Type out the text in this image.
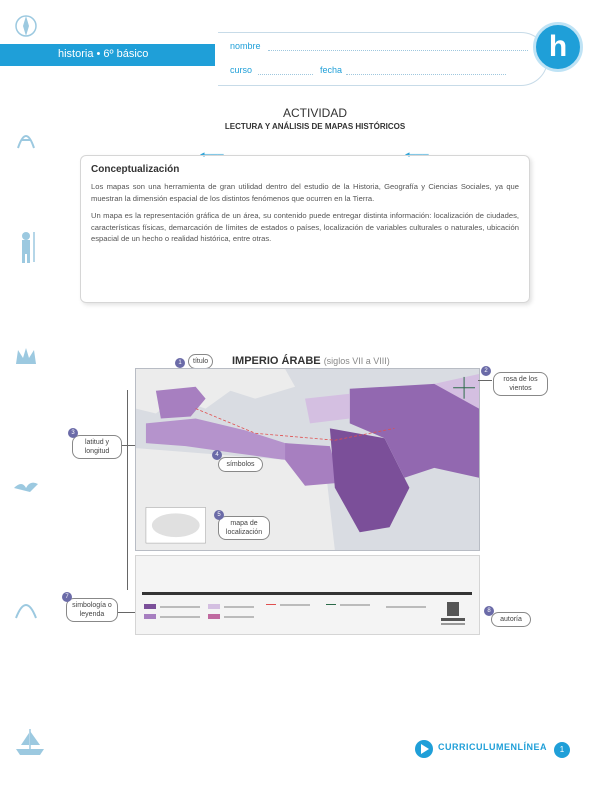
historia • 6º básico
nombre
curso	fecha
h
ACTIVIDAD
LECTURA Y ANÁLISIS DE MAPAS HISTÓRICOS
◂───	◂───
Conceptualización

Los mapas son una herramienta de gran utilidad dentro del estudio de la Historia, Geografía y Ciencias Sociales, ya que muestran la dimensión espacial de los distintos fenómenos que ocurren en la Tierra.

Un mapa es la representación gráfica de un área, su contenido puede entregar distinta información: localización de ciudades, características físicas, demarcación de límites de estados o países, localización de variables culturales o naturales, ubicación espacial de un hecho o realidad histórica, entre otras.

1	título	IMPERIO ÁRABE (siglos VII a VIII)
rosa de los vientos
2
latitud y longitud
3
símbolos
4
mapa de localización
5
simbología o leyenda
7
autoría
8
CURRICULUMENLÍNEA	1
